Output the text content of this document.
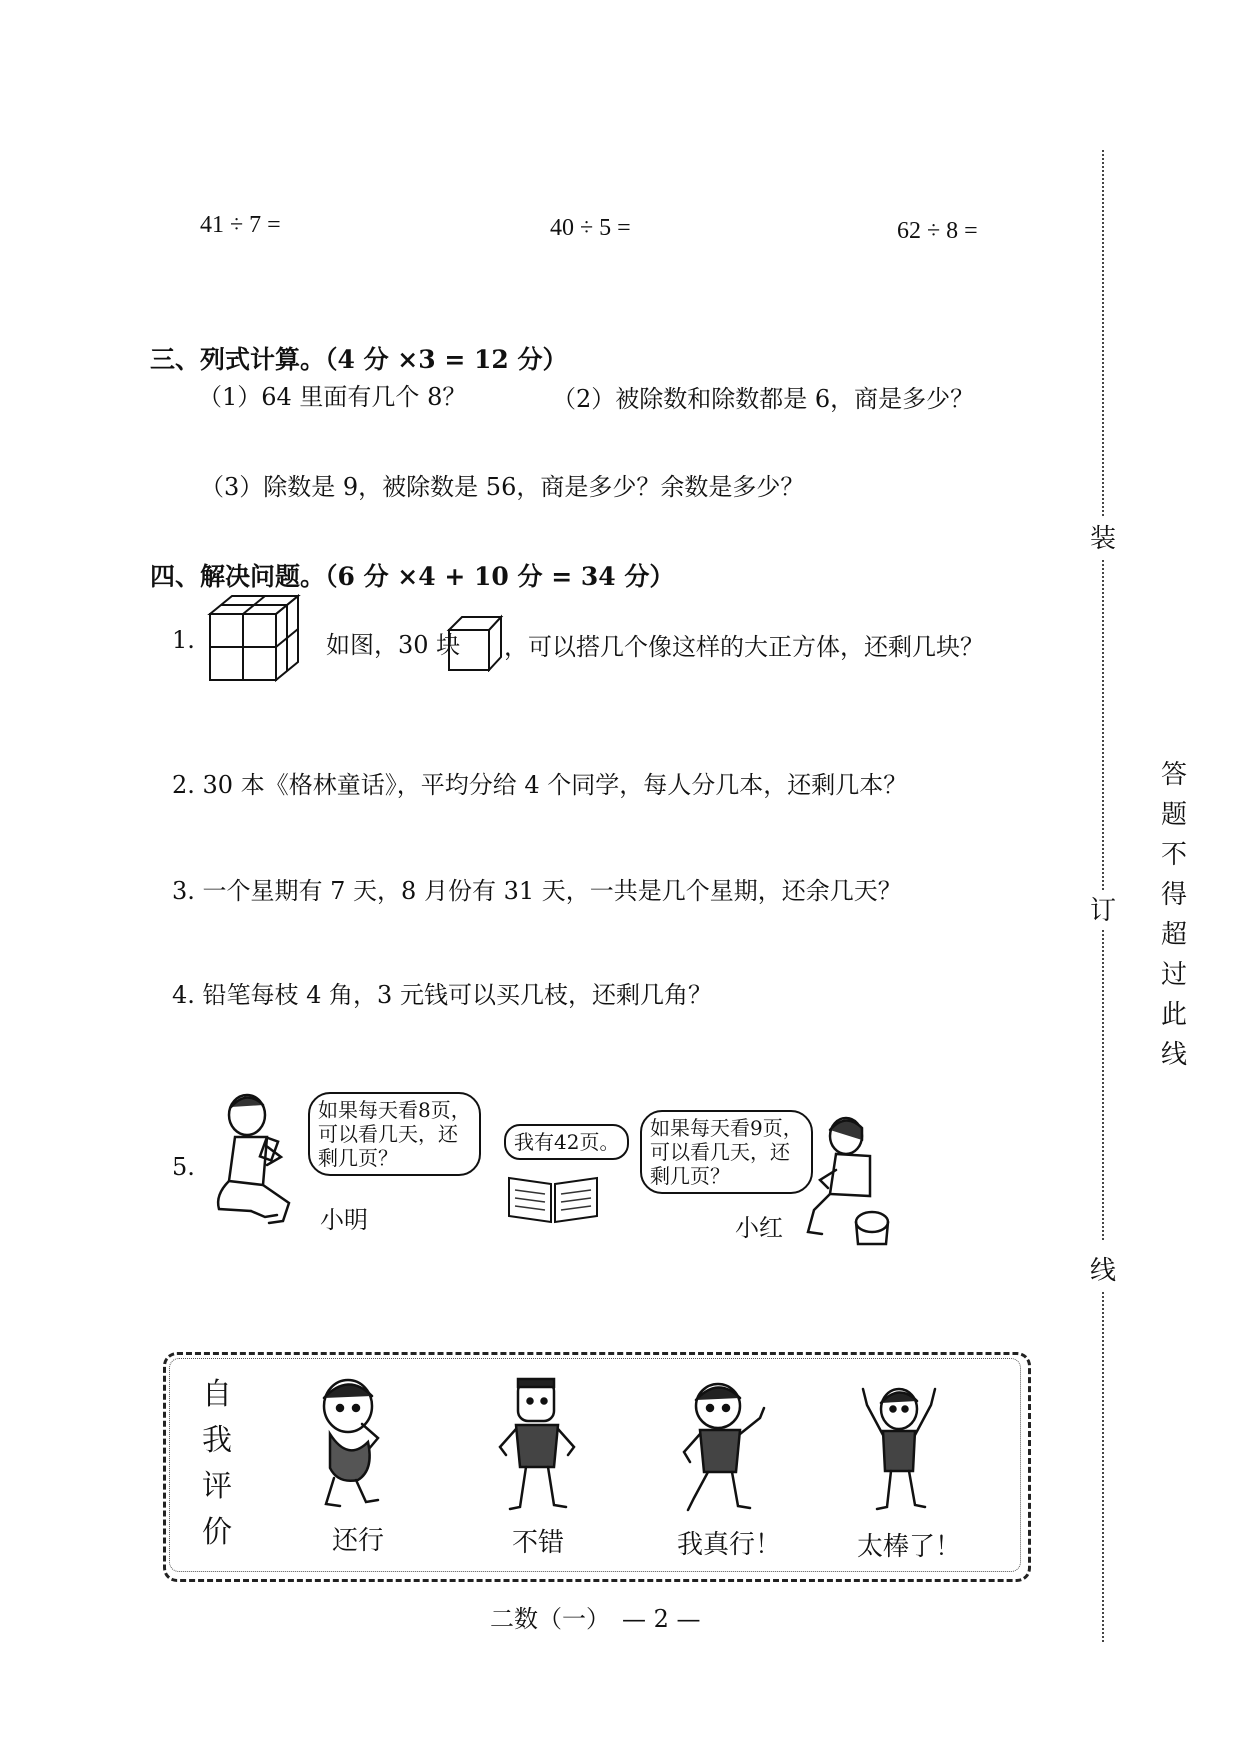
41 ÷ 7 =	40 ÷ 5 =	62 ÷ 8 =
三、列式计算。（4 分 ×3 = 12 分）
（1）64 里面有几个 8？	（2）被除数和除数都是 6，商是多少？
（3）除数是 9，被除数是 56，商是多少？余数是多少？
四、解决问题。（6 分 ×4 + 10 分 = 34 分）
1.	如图，30 块 ，可以搭几个像这样的大正方体，还剩几块？
2. 30 本《格林童话》，平均分给 4 个同学，每人分几本，还剩几本？
3. 一个星期有 7 天，8 月份有 31 天，一共是几个星期，还余几天？
4. 铅笔每枝 4 角，3 元钱可以买几枝，还剩几角？
5.
如果每天看8页，
可以看几天，还
剩几页？
小明
我有42页。
如果每天看9页，
可以看几天，还
剩几页？
小红
自
我
评
价	还行	不错	我真行！	太棒了！
二数（一）　— 2 —
装
订
线
答题不得超过此线
